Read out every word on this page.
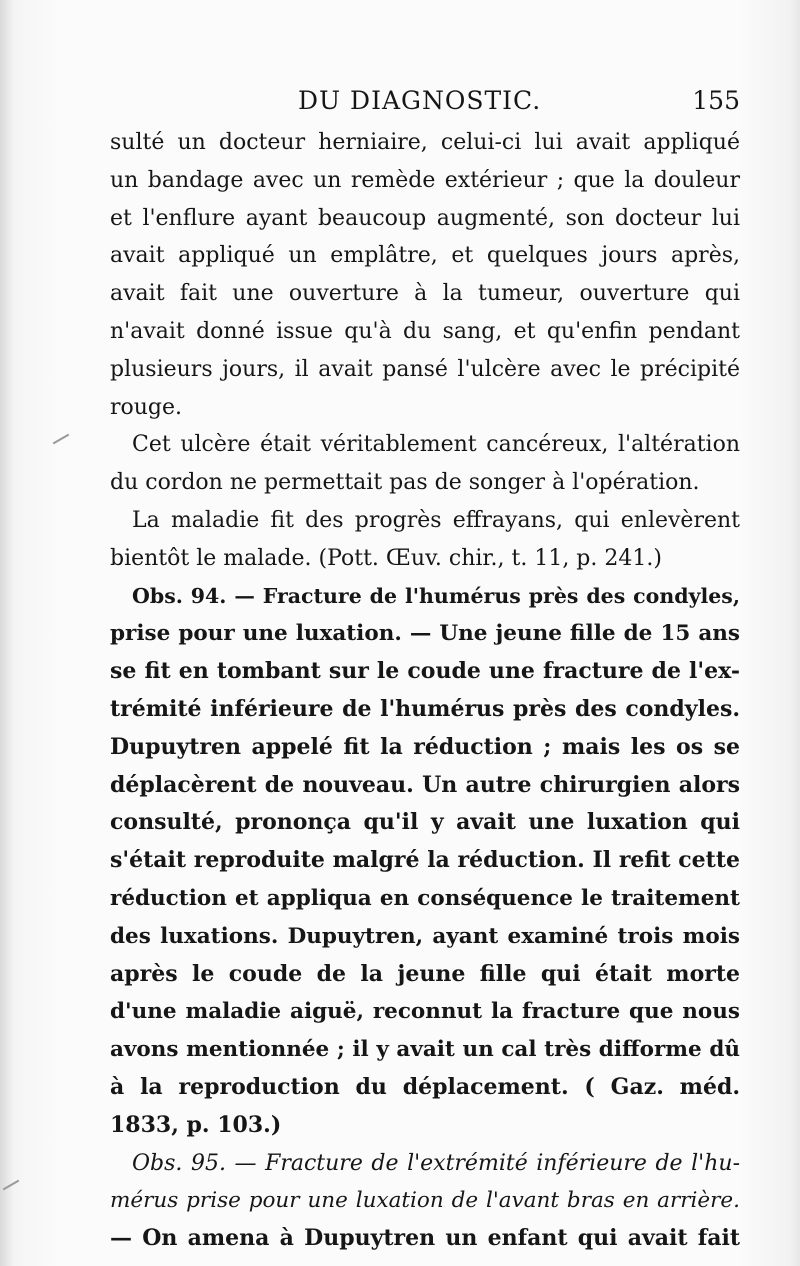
DU DIAGNOSTIC.	155
sulté un docteur herniaire, celui-ci lui avait appliqué
un bandage avec un remède extérieur ; que la douleur
et l'enflure ayant beaucoup augmenté, son docteur lui
avait appliqué un emplâtre, et quelques jours après,
avait fait une ouverture à la tumeur, ouverture qui
n'avait donné issue qu'à du sang, et qu'enfin pendant
plusieurs jours, il avait pansé l'ulcère avec le précipité
rouge.
Cet ulcère était véritablement cancéreux, l'altération
du cordon ne permettait pas de songer à l'opération.
La maladie fit des progrès effrayans, qui enlevèrent
bientôt le malade. (Pott. Œuv. chir., t. 11, p. 241.)
Obs. 94. — Fracture de l'humérus près des condyles,
prise pour une luxation. — Une jeune fille de 15 ans
se fit en tombant sur le coude une fracture de l'ex-
trémité inférieure de l'humérus près des condyles.
Dupuytren appelé fit la réduction ; mais les os se
déplacèrent de nouveau. Un autre chirurgien alors
consulté, prononça qu'il y avait une luxation qui
s'était reproduite malgré la réduction. Il refit cette
réduction et appliqua en conséquence le traitement
des luxations. Dupuytren, ayant examiné trois mois
après le coude de la jeune fille qui était morte
d'une maladie aiguë, reconnut la fracture que nous
avons mentionnée ; il y avait un cal très difforme dû
à la reproduction du déplacement. ( Gaz. méd.
1833, p. 103.)
Obs. 95. — Fracture de l'extrémité inférieure de l'hu-
mérus prise pour une luxation de l'avant bras en arrière.
— On amena à Dupuytren un enfant qui avait fait
